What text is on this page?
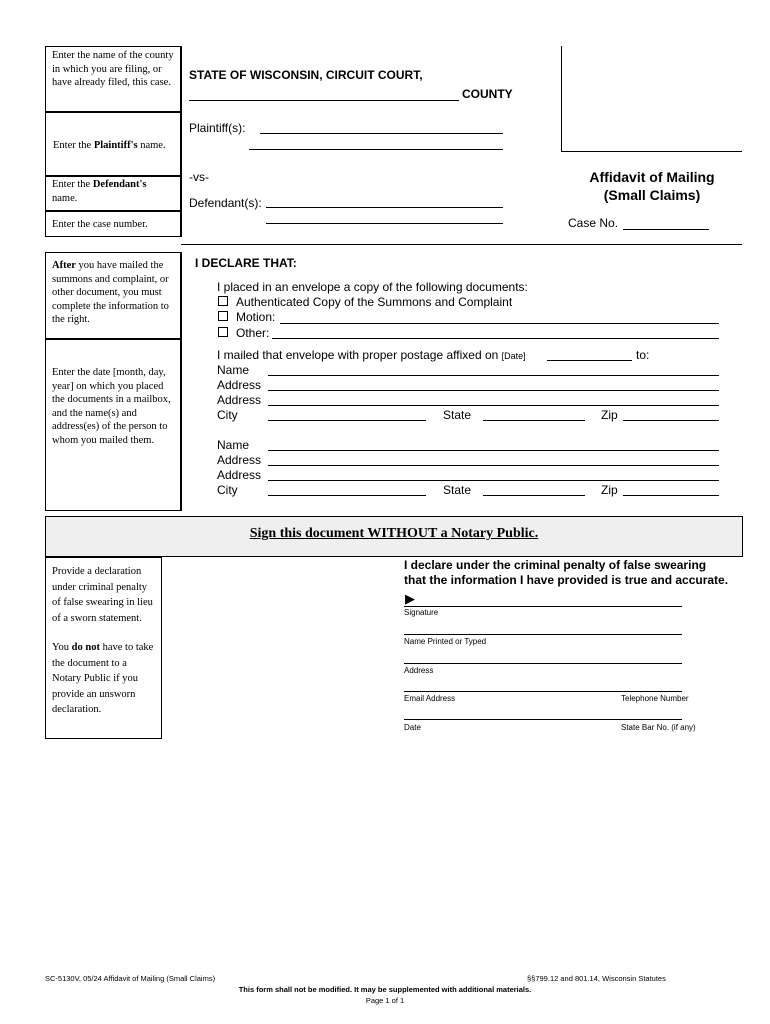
Enter the name of the county in which you are filing, or have already filed, this case.
Enter the Plaintiff's name.
Enter the Defendant's name.
Enter the case number.
After you have mailed the summons and complaint, or other document, you must complete the information to the right.
Enter the date [month, day, year] on which you placed the documents in a mailbox, and the name(s) and address(es) of the person to whom you mailed them.
STATE OF WISCONSIN, CIRCUIT COURT,
COUNTY
Plaintiff(s):
-vs-
Defendant(s):
Affidavit of Mailing
(Small Claims)
Case No.
I DECLARE THAT:
I placed in an envelope a copy of the following documents:
Authenticated Copy of the Summons and Complaint
Motion:
Other:
I mailed that envelope with proper postage affixed on [Date]	to:
Name
Address
Address
City	State	Zip
Name
Address
Address
City	State	Zip
Sign this document WITHOUT a Notary Public.
Provide a declaration under criminal penalty of false swearing in lieu of a sworn statement.
You do not have to take the document to a Notary Public if you provide an unsworn declaration.
I declare under the criminal penalty of false swearing
that the information I have provided is true and accurate.
▶
Signature
Name Printed or Typed
Address
Email Address	Telephone Number
Date	State Bar No. (if any)
SC-5130V, 05/24 Affidavit of Mailing (Small Claims)	§§799.12 and 801.14, Wisconsin Statutes
This form shall not be modified. It may be supplemented with additional materials.
Page 1 of 1
